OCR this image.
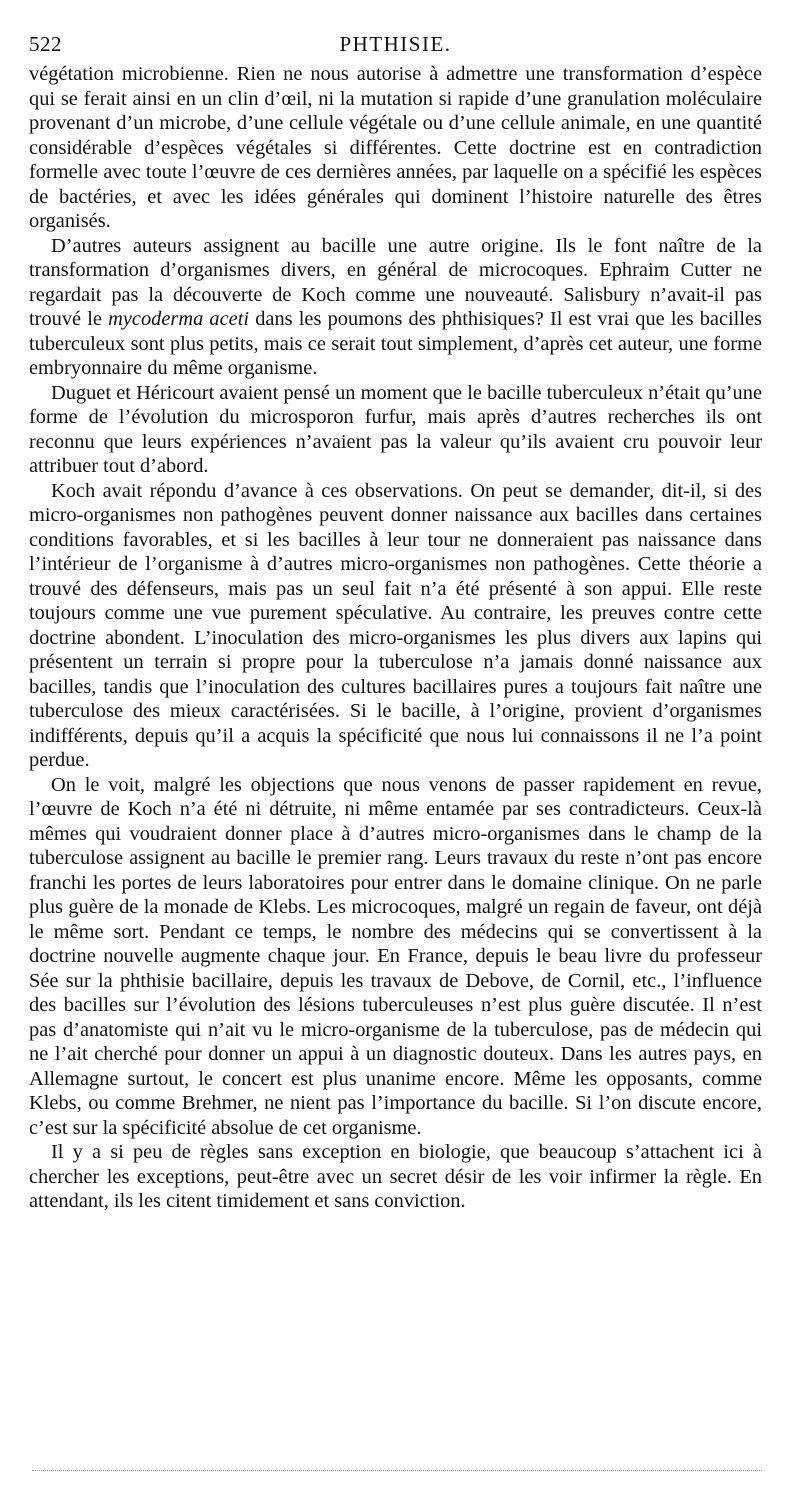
522	PHTHISIE.

végétation microbienne. Rien ne nous autorise à admettre une transformation d’espèce qui se ferait ainsi en un clin d’œil, ni la mutation si rapide d’une granulation moléculaire provenant d’un microbe, d’une cellule végétale ou d’une cellule animale, en une quantité considérable d’espèces végétales si différentes. Cette doctrine est en contradiction formelle avec toute l’œuvre de ces dernières années, par laquelle on a spécifié les espèces de bactéries, et avec les idées générales qui dominent l’histoire naturelle des êtres organisés.

D’autres auteurs assignent au bacille une autre origine. Ils le font naître de la transformation d’organismes divers, en général de microcoques. Ephraim Cutter ne regardait pas la découverte de Koch comme une nouveauté. Salisbury n’avait-il pas trouvé le mycoderma aceti dans les poumons des phthisiques? Il est vrai que les bacilles tuberculeux sont plus petits, mais ce serait tout simplement, d’après cet auteur, une forme embryonnaire du même organisme.

Duguet et Héricourt avaient pensé un moment que le bacille tuberculeux n’était qu’une forme de l’évolution du microsporon furfur, mais après d’autres recherches ils ont reconnu que leurs expériences n’avaient pas la valeur qu’ils avaient cru pouvoir leur attribuer tout d’abord.

Koch avait répondu d’avance à ces observations. On peut se demander, dit-il, si des micro-organismes non pathogènes peuvent donner naissance aux bacilles dans certaines conditions favorables, et si les bacilles à leur tour ne donneraient pas naissance dans l’intérieur de l’organisme à d’autres micro-organismes non pathogènes. Cette théorie a trouvé des défenseurs, mais pas un seul fait n’a été présenté à son appui. Elle reste toujours comme une vue purement spéculative. Au contraire, les preuves contre cette doctrine abondent. L’inoculation des micro-organismes les plus divers aux lapins qui présentent un terrain si propre pour la tuberculose n’a jamais donné naissance aux bacilles, tandis que l’inoculation des cultures bacillaires pures a toujours fait naître une tuberculose des mieux caractérisées. Si le bacille, à l’origine, provient d’organismes indifférents, depuis qu’il a acquis la spécificité que nous lui connaissons il ne l’a point perdue.

On le voit, malgré les objections que nous venons de passer rapidement en revue, l’œuvre de Koch n’a été ni détruite, ni même entamée par ses contradicteurs. Ceux-là mêmes qui voudraient donner place à d’autres micro-organismes dans le champ de la tuberculose assignent au bacille le premier rang. Leurs travaux du reste n’ont pas encore franchi les portes de leurs laboratoires pour entrer dans le domaine clinique. On ne parle plus guère de la monade de Klebs. Les microcoques, malgré un regain de faveur, ont déjà le même sort. Pendant ce temps, le nombre des médecins qui se convertissent à la doctrine nouvelle augmente chaque jour. En France, depuis le beau livre du professeur Sée sur la phthisie bacillaire, depuis les travaux de Debove, de Cornil, etc., l’influence des bacilles sur l’évolution des lésions tuberculeuses n’est plus guère discutée. Il n’est pas d’anatomiste qui n’ait vu le micro-organisme de la tuberculose, pas de médecin qui ne l’ait cherché pour donner un appui à un diagnostic douteux. Dans les autres pays, en Allemagne surtout, le concert est plus unanime encore. Même les opposants, comme Klebs, ou comme Brehmer, ne nient pas l’importance du bacille. Si l’on discute encore, c’est sur la spécificité absolue de cet organisme.

Il y a si peu de règles sans exception en biologie, que beaucoup s’attachent ici à chercher les exceptions, peut-être avec un secret désir de les voir infirmer la règle. En attendant, ils les citent timidement et sans conviction.
